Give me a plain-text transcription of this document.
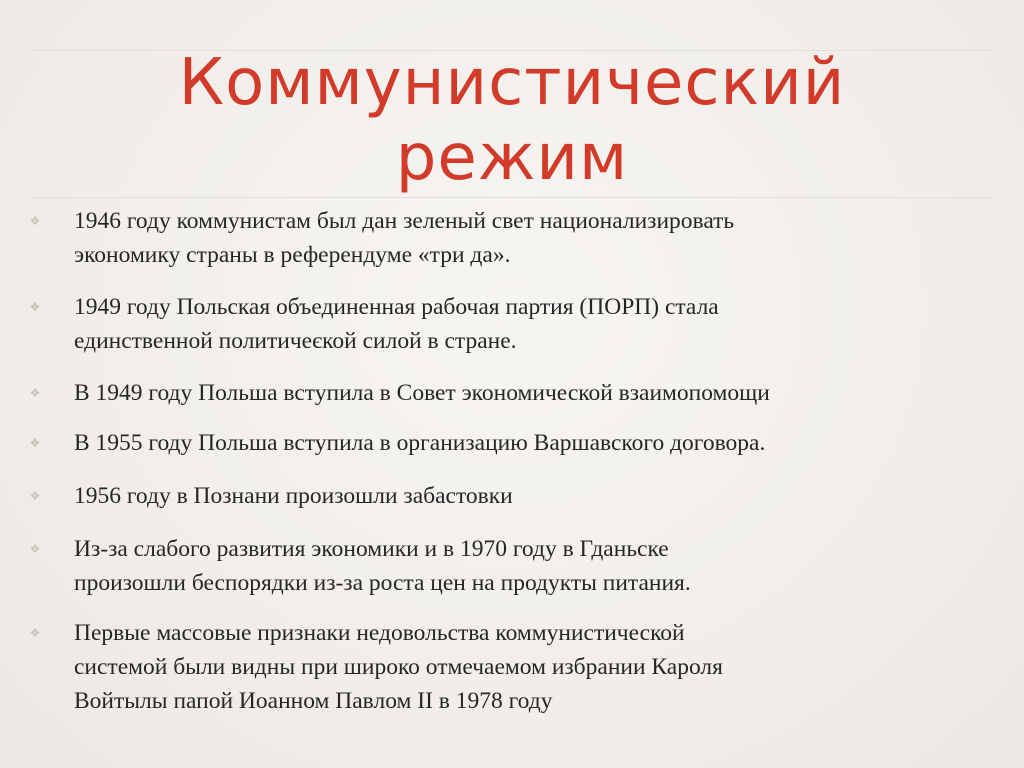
Коммунистический
режим
❖ 1946 году коммунистам был дан зеленый свет национализировать
экономику страны в референдуме «три да».
❖ 1949 году Польская объединенная рабочая партия (ПОРП) стала
единственной политичеєкой силой в стране.
❖ В 1949 году Польша вступила в Совет экономической взаимопомощи
❖ В 1955 году Польша вступила в организацию Варшавского договора.
❖ 1956 году в Познани произошли забастовки
❖ Из-за слабого развития экономики и в 1970 году в Гданьске
произошли беспорядки из-за роста цен на продукты питания.
❖ Первые массовые признаки недовольства коммунистической
системой были видны при широко отмечаемом избрании Кароля
Войтылы папой Иоанном Павлом II в 1978 году
